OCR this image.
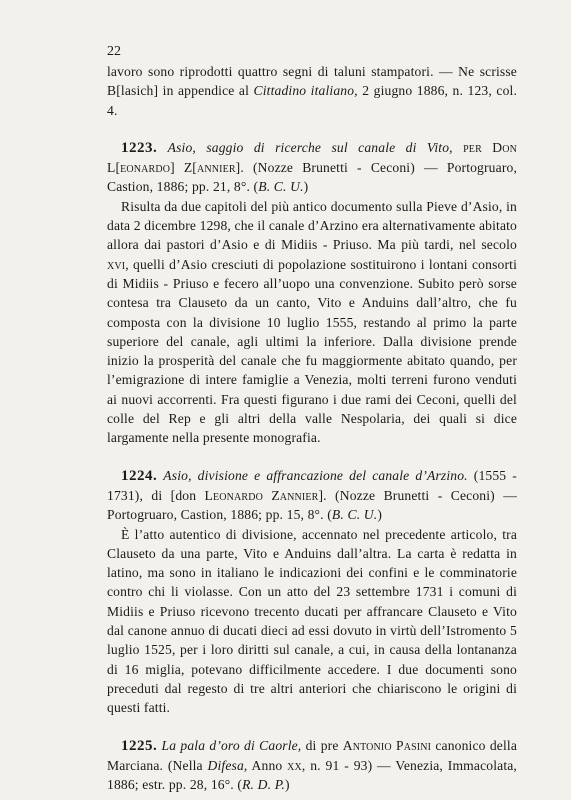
22

lavoro sono riprodotti quattro segni di taluni stampatori. — Ne scrisse B[lasich] in appendice al Cittadino italiano, 2 giugno 1886, n. 123, col. 4.

1223. Asio, saggio di ricerche sul canale di Vito, per Don L[eonardo] Z[annier]. (Nozze Brunetti - Ceconi) — Portogruaro, Castion, 1886; pp. 21, 8°. (B. C. U.)

Risulta da due capitoli del più antico documento sulla Pieve d’Asio, in data 2 dicembre 1298, che il canale d’Arzino era alternativamente abitato allora dai pastori d’Asio e di Midiis - Priuso. Ma più tardi, nel secolo xvi, quelli d’Asio cresciuti di popolazione sostituirono i lontani consorti di Midiis - Priuso e fecero all’uopo una convenzione. Subito però sorse contesa tra Clauseto da un canto, Vito e Anduins dall’altro, che fu composta con la divisione 10 luglio 1555, restando al primo la parte superiore del canale, agli ultimi la inferiore. Dalla divisione prende inizio la prosperità del canale che fu maggiormente abitato quando, per l’emigrazione di intere famiglie a Venezia, molti terreni furono venduti ai nuovi accorrenti. Fra questi figurano i due rami dei Ceconi, quelli del colle del Rep e gli altri della valle Nespolaria, dei quali si dice largamente nella presente monografia.

1224. Asio, divisione e affrancazione del canale d’Arzino. (1555 - 1731), di [don Leonardo Zannier]. (Nozze Brunetti - Ceconi) — Portogruaro, Castion, 1886; pp. 15, 8°. (B. C. U.)

È l’atto autentico di divisione, accennato nel precedente articolo, tra Clauseto da una parte, Vito e Anduins dall’altra. La carta è redatta in latino, ma sono in italiano le indicazioni dei confini e le comminatorie contro chi li violasse. Con un atto del 23 settembre 1731 i comuni di Midiis e Priuso ricevono trecento ducati per affrancare Clauseto e Vito dal canone annuo di ducati dieci ad essi dovuto in virtù dell’Istromento 5 luglio 1525, per i loro diritti sul canale, a cui, in causa della lontananza di 16 miglia, potevano difficilmente accedere. I due documenti sono preceduti dal regesto di tre altri anteriori che chiariscono le origini di questi fatti.

1225. La pala d’oro di Caorle, di pre Antonio Pasini canonico della Marciana. (Nella Difesa, Anno xx, n. 91 - 93) — Venezia, Immacolata, 1886; estr. pp. 28, 16°. (R. D. P.)
